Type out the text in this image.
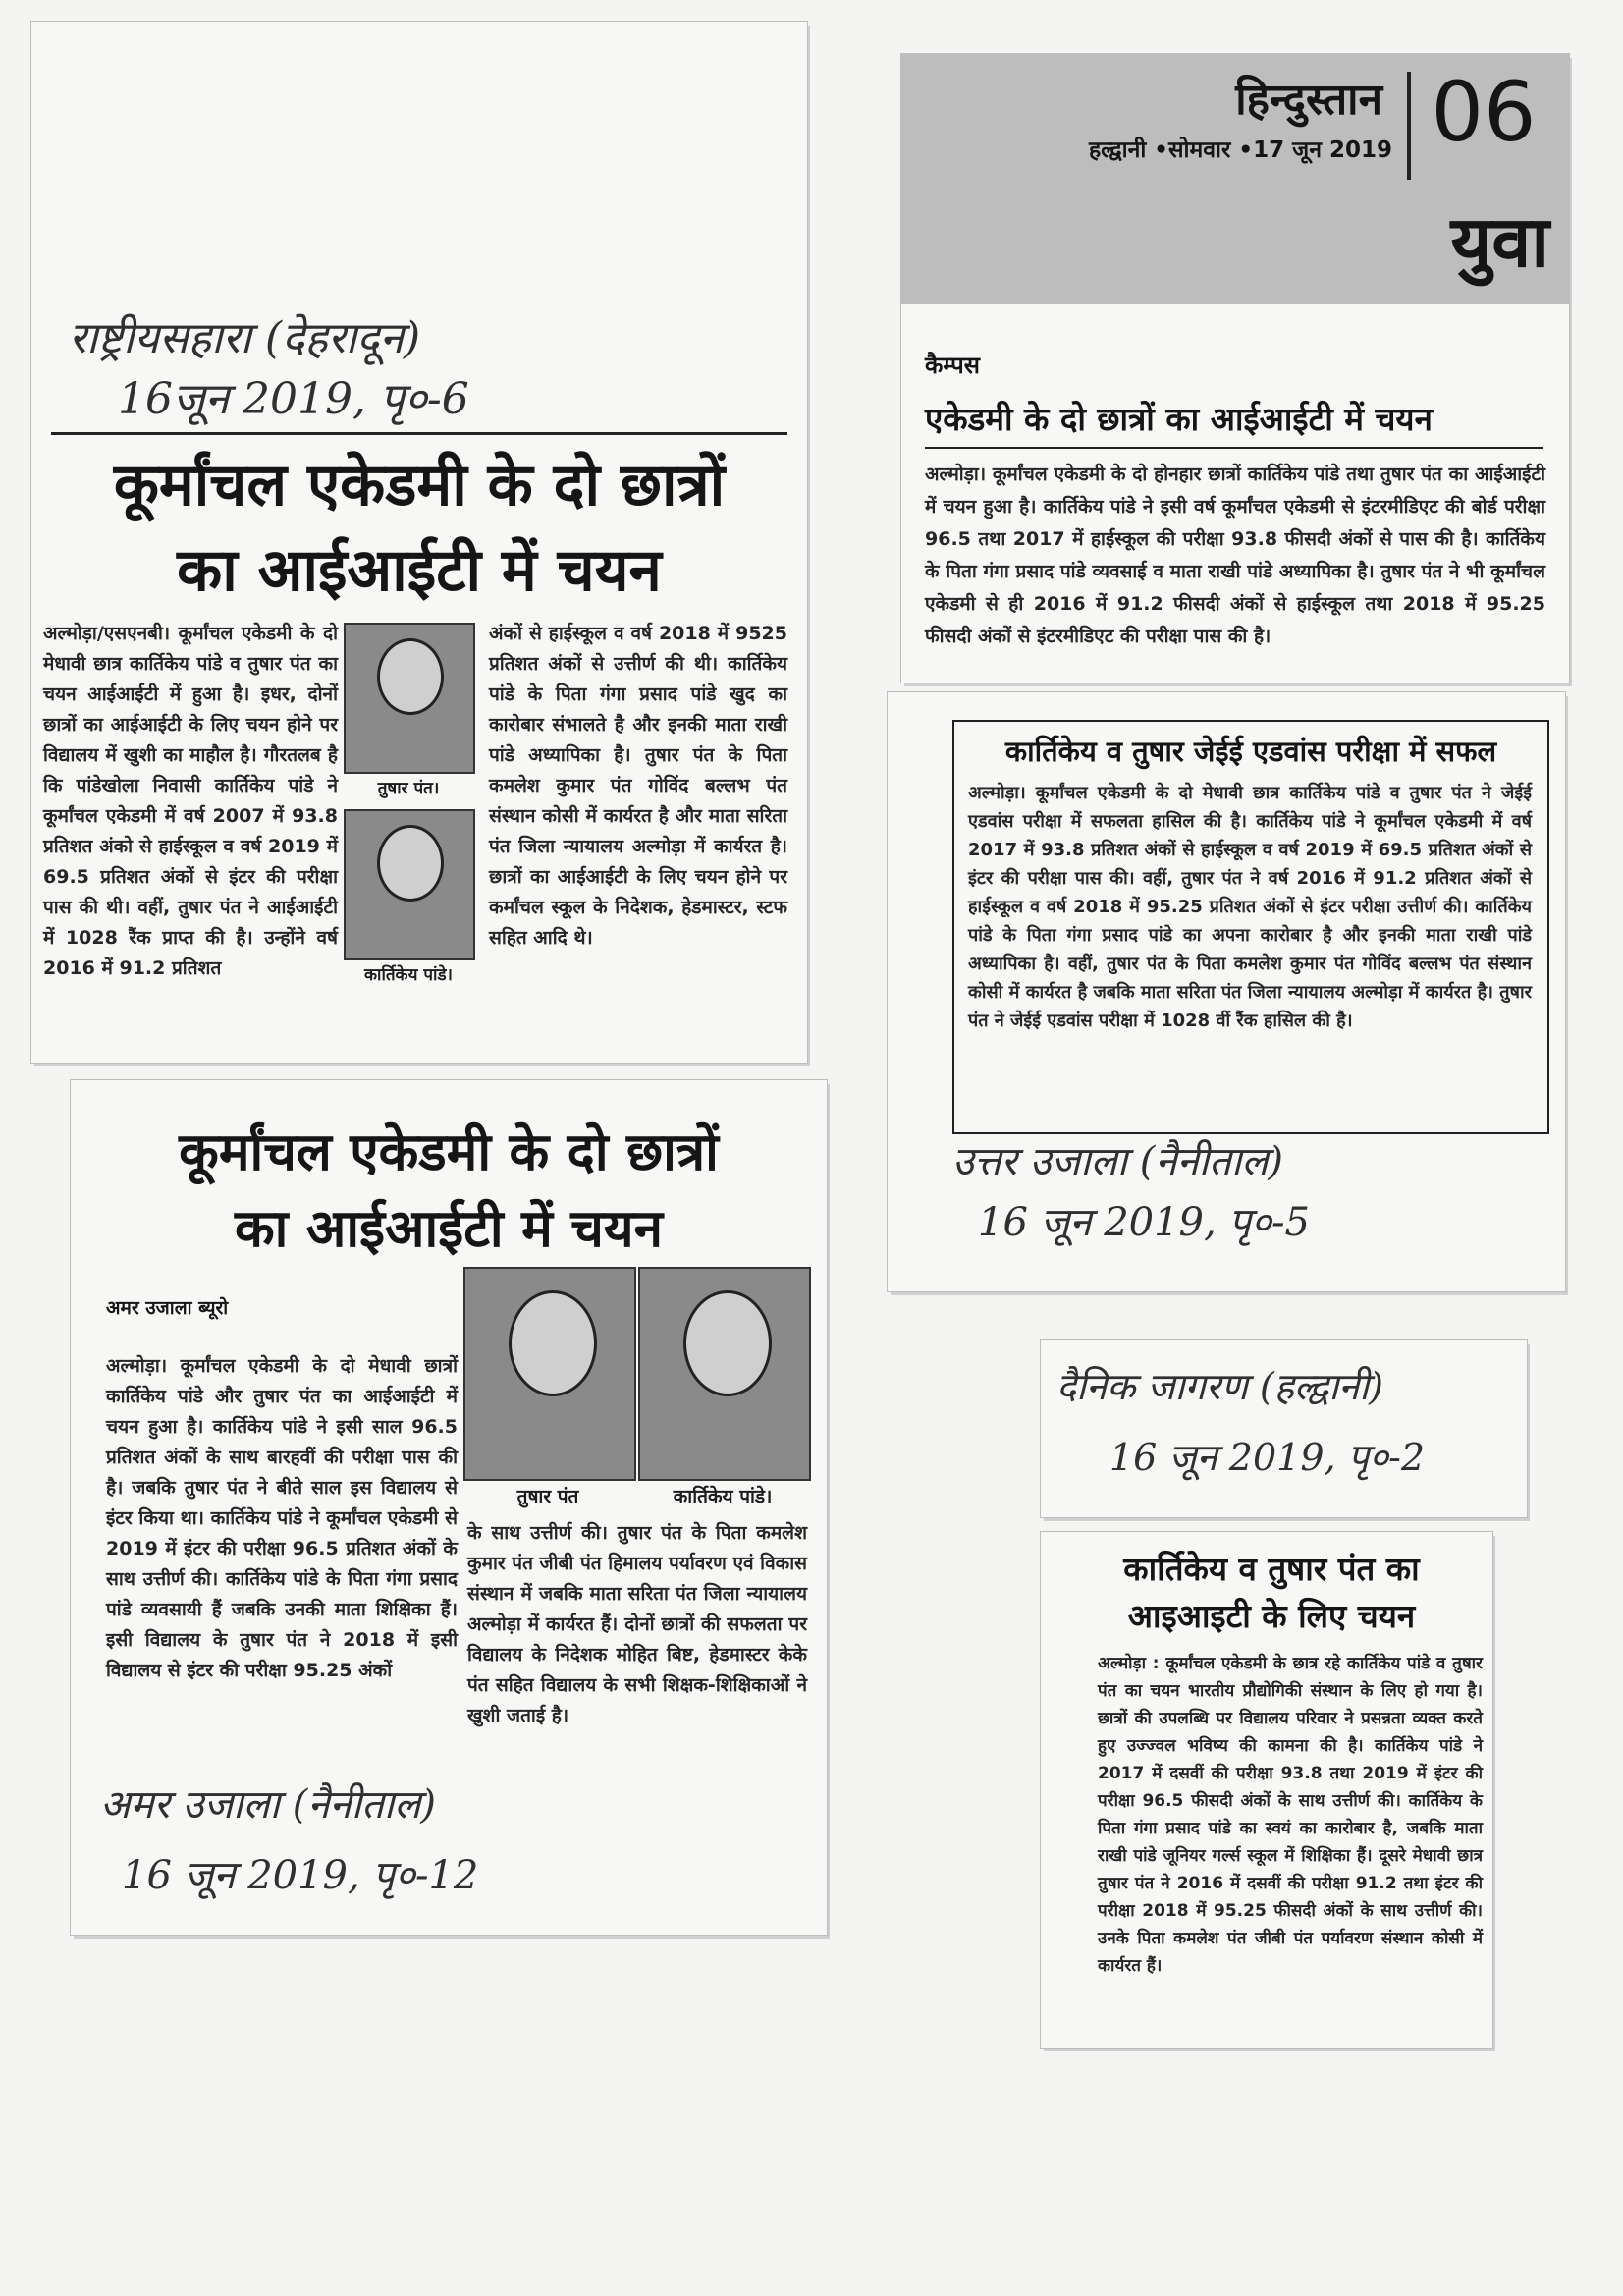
राष्ट्रीयसहारा (देहरादून)
16जून 2019, पृ०-6
कूर्मांचल एकेडमी के दो छात्रों
का आईआईटी में चयन
अल्मोड़ा/एसएनबी। कूर्मांचल एकेडमी के दो मेधावी छात्र कार्तिकेय पांडे व तुषार पंत का चयन आईआईटी में हुआ है। इधर, दोनों छात्रों का आईआईटी के लिए चयन होने पर विद्यालय में खुशी का माहौल है। गौरतलब है कि पांडेखोला निवासी कार्तिकेय पांडे ने कूर्मांचल एकेडमी में वर्ष 2007 में 93.8 प्रतिशत अंको से हाईस्कूल व वर्ष 2019 में 69.5 प्रतिशत अंकों से इंटर की परीक्षा पास की थी। वहीं, तुषार पंत ने आईआईटी में 1028 रैंक प्राप्त की है। उन्होंने वर्ष 2016 में 91.2 प्रतिशत
तुषार पंत।
कार्तिकेय पांडे।
अंकों से हाईस्कूल व वर्ष 2018 में 9525 प्रतिशत अंकों से उत्तीर्ण की थी। कार्तिकेय पांडे के पिता गंगा प्रसाद पांडे खुद का कारोबार संभालते है और इनकी माता राखी पांडे अध्यापिका है। तुषार पंत के पिता कमलेश कुमार पंत गोविंद बल्लभ पंत संस्थान कोसी में कार्यरत है और माता सरिता पंत जिला न्यायालय अल्मोड़ा में कार्यरत है। छात्रों का आईआईटी के लिए चयन होने पर कर्मांचल स्कूल के निदेशक, हेडमास्टर, स्टफ सहित आदि थे।
हिन्दुस्तान
हल्द्वानी •सोमवार •17 जून 2019 06
युवा
कैम्पस
एकेडमी के दो छात्रों का आईआईटी में चयन
अल्मोड़ा। कूर्मांचल एकेडमी के दो होनहार छात्रों कार्तिकेय पांडे तथा तुषार पंत का आईआईटी में चयन हुआ है। कार्तिकेय पांडे ने इसी वर्ष कूर्मांचल एकेडमी से इंटरमीडिएट की बोर्ड परीक्षा 96.5 तथा 2017 में हाईस्कूल की परीक्षा 93.8 फीसदी अंकों से पास की है। कार्तिकेय के पिता गंगा प्रसाद पांडे व्यवसाई व माता राखी पांडे अध्यापिका है। तुषार पंत ने भी कूर्मांचल एकेडमी से ही 2016 में 91.2 फीसदी अंकों से हाईस्कूल तथा 2018 में 95.25 फीसदी अंकों से इंटरमीडिएट की परीक्षा पास की है।
कार्तिकेय व तुषार जेईई एडवांस परीक्षा में सफल
अल्मोड़ा। कूर्मांचल एकेडमी के दो मेधावी छात्र कार्तिकेय पांडे व तुषार पंत ने जेईई एडवांस परीक्षा में सफलता हासिल की है। कार्तिकेय पांडे ने कूर्मांचल एकेडमी में वर्ष 2017 में 93.8 प्रतिशत अंकों से हाईस्कूल व वर्ष 2019 में 69.5 प्रतिशत अंकों से इंटर की परीक्षा पास की। वहीं, तुषार पंत ने वर्ष 2016 में 91.2 प्रतिशत अंकों से हाईस्कूल व वर्ष 2018 में 95.25 प्रतिशत अंकों से इंटर परीक्षा उत्तीर्ण की। कार्तिकेय पांडे के पिता गंगा प्रसाद पांडे का अपना कारोबार है और इनकी माता राखी पांडे अध्यापिका है। वहीं, तुषार पंत के पिता कमलेश कुमार पंत गोविंद बल्लभ पंत संस्थान कोसी में कार्यरत है जबकि माता सरिता पंत जिला न्यायालय अल्मोड़ा में कार्यरत है। तुषार पंत ने जेईई एडवांस परीक्षा में 1028 वीं रैंक हासिल की है।
उत्तर उजाला (नैनीताल)
16 जून 2019, पृ०-5
कूर्मांचल एकेडमी के दो छात्रों
का आईआईटी में चयन
अमर उजाला ब्यूरो
अल्मोड़ा। कूर्मांचल एकेडमी के दो मेधावी छात्रों कार्तिकेय पांडे और तुषार पंत का आईआईटी में चयन हुआ है। कार्तिकेय पांडे ने इसी साल 96.5 प्रतिशत अंकों के साथ बारहवीं की परीक्षा पास की है। जबकि तुषार पंत ने बीते साल इस विद्यालय से इंटर किया था। कार्तिकेय पांडे ने कूर्मांचल एकेडमी से 2019 में इंटर की परीक्षा 96.5 प्रतिशत अंकों के साथ उत्तीर्ण की। कार्तिकेय पांडे के पिता गंगा प्रसाद पांडे व्यवसायी हैं जबकि उनकी माता शिक्षिका हैं। इसी विद्यालय के तुषार पंत ने 2018 में इसी विद्यालय से इंटर की परीक्षा 95.25 अंकों
तुषार पंत	कार्तिकेय पांडे।
के साथ उत्तीर्ण की। तुषार पंत के पिता कमलेश कुमार पंत जीबी पंत हिमालय पर्यावरण एवं विकास संस्थान में जबकि माता सरिता पंत जिला न्यायालय अल्मोड़ा में कार्यरत हैं। दोनों छात्रों की सफलता पर विद्यालय के निदेशक मोहित बिष्ट, हेडमास्टर केके पंत सहित विद्यालय के सभी शिक्षक-शिक्षिकाओं ने खुशी जताई है।
अमर उजाला (नैनीताल)
16 जून 2019, पृ०-12
दैनिक जागरण (हल्द्वानी)
16 जून 2019, पृ०-2
कार्तिकेय व तुषार पंत का
आइआइटी के लिए चयन
अल्मोड़ा : कूर्मांचल एकेडमी के छात्र रहे कार्तिकेय पांडे व तुषार पंत का चयन भारतीय प्रौद्योगिकी संस्थान के लिए हो गया है। छात्रों की उपलब्धि पर विद्यालय परिवार ने प्रसन्नता व्यक्त करते हुए उज्ज्वल भविष्य की कामना की है। कार्तिकेय पांडे ने 2017 में दसवीं की परीक्षा 93.8 तथा 2019 में इंटर की परीक्षा 96.5 फीसदी अंकों के साथ उत्तीर्ण की। कार्तिकेय के पिता गंगा प्रसाद पांडे का स्वयं का कारोबार है, जबकि माता राखी पांडे जूनियर गर्ल्स स्कूल में शिक्षिका हैं। दूसरे मेधावी छात्र तुषार पंत ने 2016 में दसवीं की परीक्षा 91.2 तथा इंटर की परीक्षा 2018 में 95.25 फीसदी अंकों के साथ उत्तीर्ण की। उनके पिता कमलेश पंत जीबी पंत पर्यावरण संस्थान कोसी में कार्यरत हैं।
